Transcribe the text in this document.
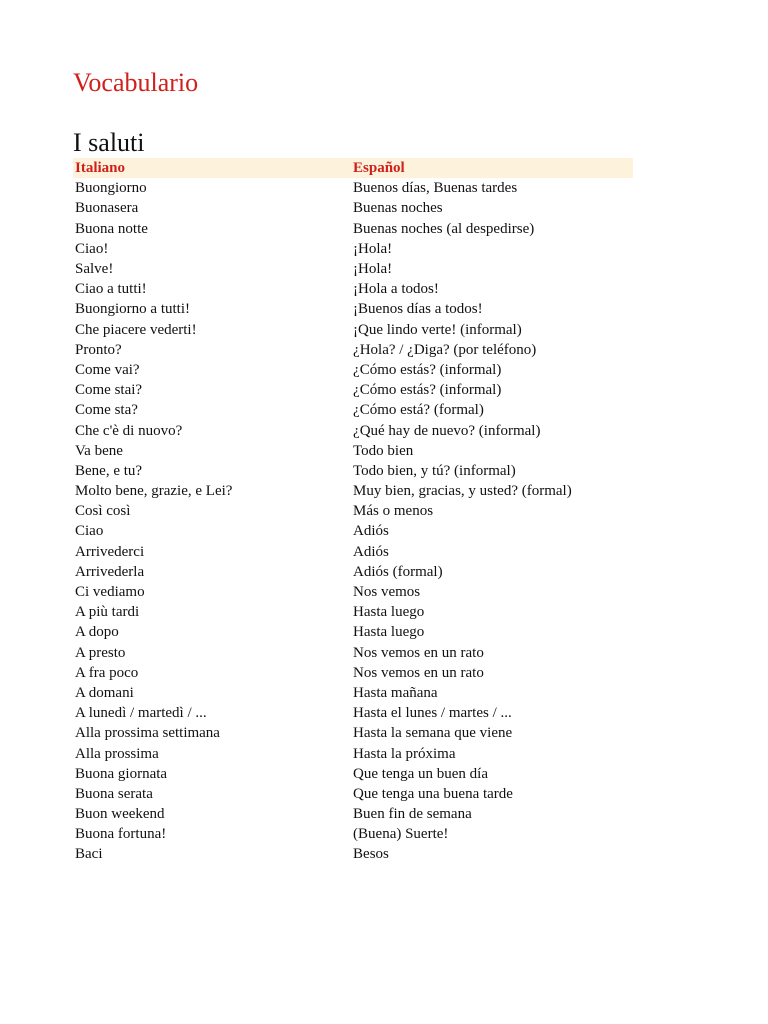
Vocabulario
I saluti
Italiano	Español
Buongiorno	Buenos días, Buenas tardes
Buonasera	Buenas noches
Buona notte	Buenas noches (al despedirse)
Ciao!	¡Hola!
Salve!	¡Hola!
Ciao a tutti!	¡Hola a todos!
Buongiorno a tutti!	¡Buenos días a todos!
Che piacere vederti!	¡Que lindo verte! (informal)
Pronto?	¿Hola? / ¿Diga? (por teléfono)
Come vai?	¿Cómo estás? (informal)
Come stai?	¿Cómo estás? (informal)
Come sta?	¿Cómo está? (formal)
Che c'è di nuovo?	¿Qué hay de nuevo? (informal)
Va bene	Todo bien
Bene, e tu?	Todo bien, y tú? (informal)
Molto bene, grazie, e Lei?	Muy bien, gracias, y usted? (formal)
Così così	Más o menos
Ciao	Adiós
Arrivederci	Adiós
Arrivederla	Adiós (formal)
Ci vediamo	Nos vemos
A più tardi	Hasta luego
A dopo	Hasta luego
A presto	Nos vemos en un rato
A fra poco	Nos vemos en un rato
A domani	Hasta mañana
A lunedì / martedì / ...	Hasta el lunes / martes / ...
Alla prossima settimana	Hasta la semana que viene
Alla prossima	Hasta la próxima
Buona giornata	Que tenga un buen día
Buona serata	Que tenga una buena tarde
Buon weekend	Buen fin de semana
Buona fortuna!	(Buena) Suerte!
Baci	Besos
